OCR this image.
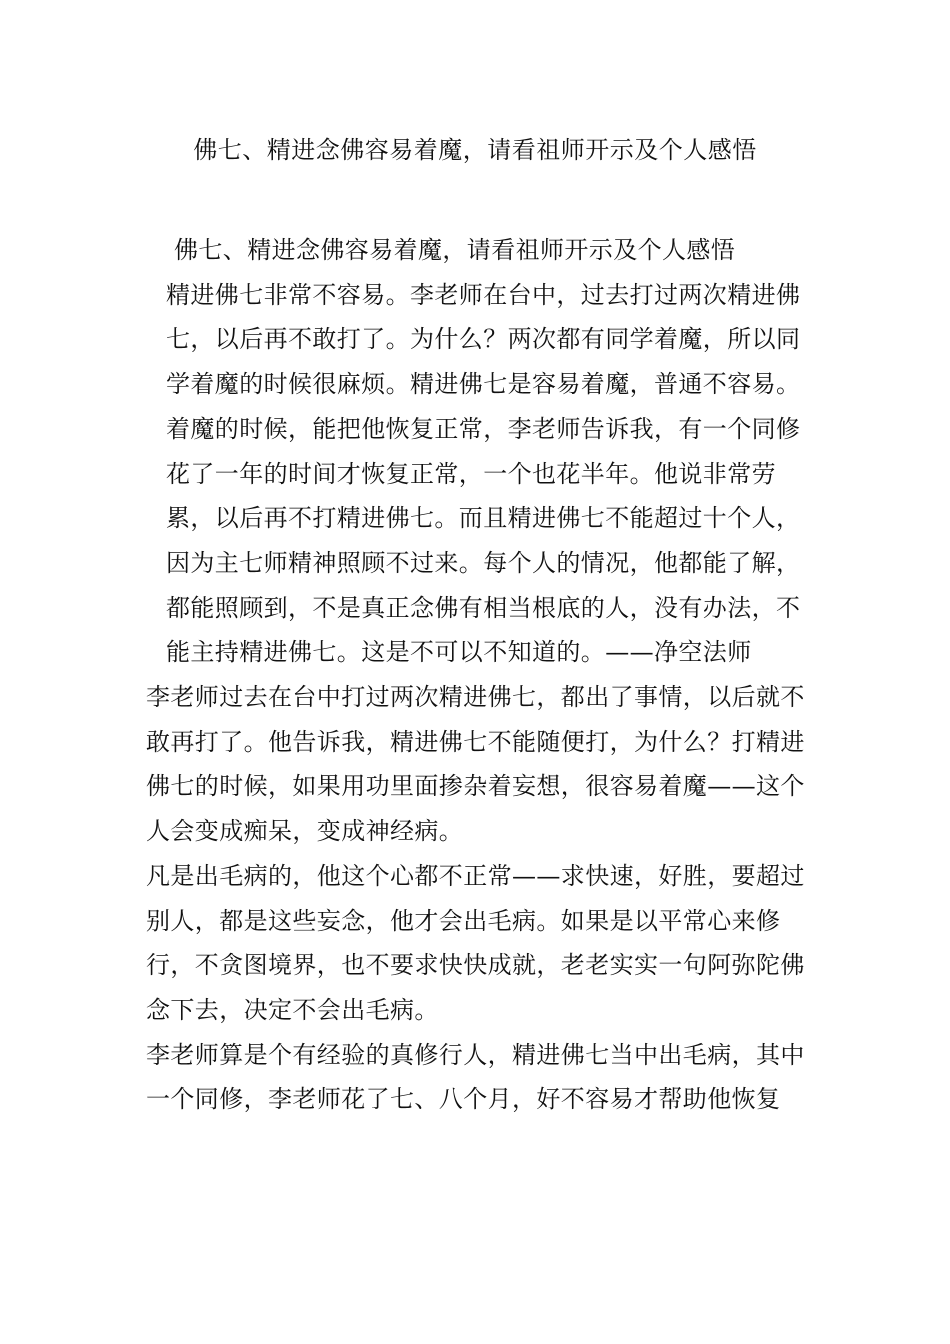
佛七、精进念佛容易着魔，请看祖师开示及个人感悟

佛七、精进念佛容易着魔，请看祖师开示及个人感悟

精进佛七非常不容易。李老师在台中，过去打过两次精进佛七，以后再不敢打了。为什么？两次都有同学着魔，所以同学着魔的时候很麻烦。精进佛七是容易着魔，普通不容易。着魔的时候，能把他恢复正常，李老师告诉我，有一个同修花了一年的时间才恢复正常，一个也花半年。他说非常劳累，以后再不打精进佛七。而且精进佛七不能超过十个人，因为主七师精神照顾不过来。每个人的情况，他都能了解，都能照顾到，不是真正念佛有相当根底的人，没有办法，不能主持精进佛七。这是不可以不知道的。——净空法师

李老师过去在台中打过两次精进佛七，都出了事情，以后就不敢再打了。他告诉我，精进佛七不能随便打，为什么？打精进佛七的时候，如果用功里面掺杂着妄想，很容易着魔——这个人会变成痴呆，变成神经病。

凡是出毛病的，他这个心都不正常——求快速，好胜，要超过别人，都是这些妄念，他才会出毛病。如果是以平常心来修行，不贪图境界，也不要求快快成就，老老实实一句阿弥陀佛念下去，决定不会出毛病。

李老师算是个有经验的真修行人，精进佛七当中出毛病，其中一个同修，李老师花了七、八个月，好不容易才帮助他恢复
